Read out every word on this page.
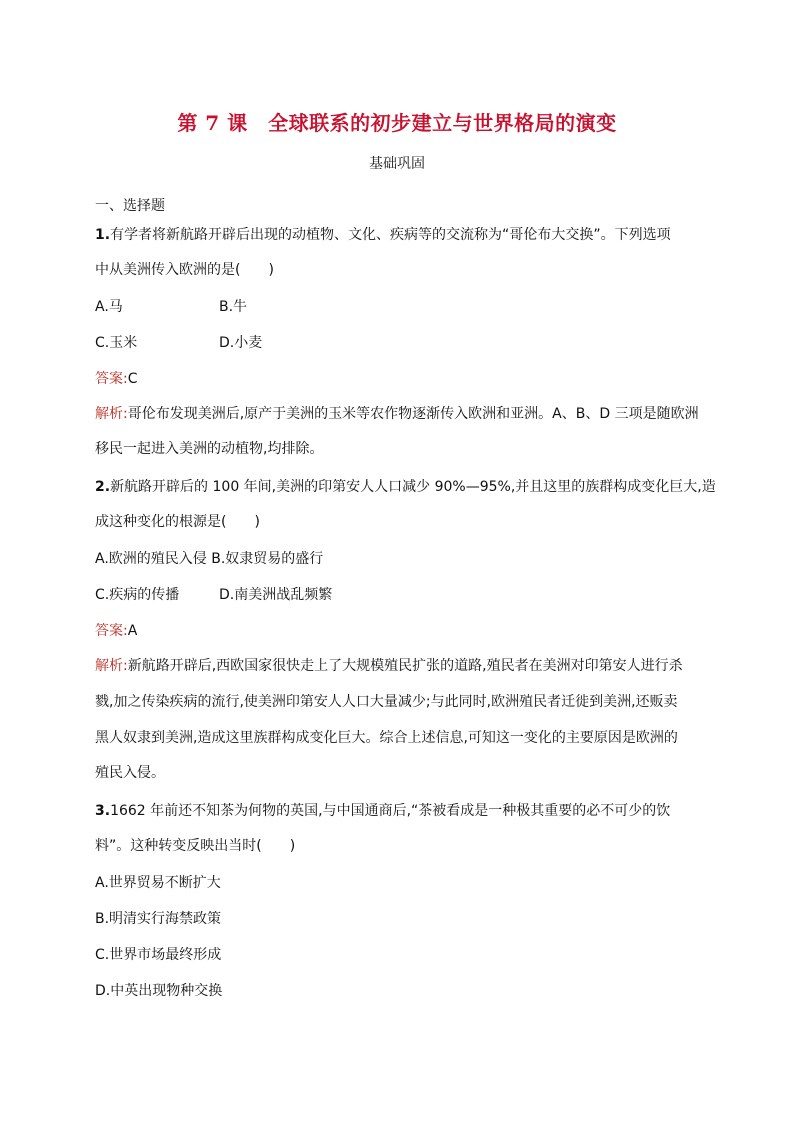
第 7 课　全球联系的初步建立与世界格局的演变
基础巩固
一、选择题
1.有学者将新航路开辟后出现的动植物、文化、疾病等的交流称为“哥伦布大交换”。下列选项
中从美洲传入欧洲的是(　　)
A.马	B.牛
C.玉米	D.小麦
答案:C
解析:哥伦布发现美洲后,原产于美洲的玉米等农作物逐渐传入欧洲和亚洲。A、B、D 三项是随欧洲
移民一起进入美洲的动植物,均排除。
2.新航路开辟后的 100 年间,美洲的印第安人人口减少 90%—95%,并且这里的族群构成变化巨大,造
成这种变化的根源是(　　)
A.欧洲的殖民入侵 B.奴隶贸易的盛行
C.疾病的传播	D.南美洲战乱频繁
答案:A
解析:新航路开辟后,西欧国家很快走上了大规模殖民扩张的道路,殖民者在美洲对印第安人进行杀
戮,加之传染疾病的流行,使美洲印第安人人口大量减少;与此同时,欧洲殖民者迁徙到美洲,还贩卖
黑人奴隶到美洲,造成这里族群构成变化巨大。综合上述信息,可知这一变化的主要原因是欧洲的
殖民入侵。
3.1662 年前还不知茶为何物的英国,与中国通商后,“茶被看成是一种极其重要的必不可少的饮
料”。这种转变反映出当时(　　)
A.世界贸易不断扩大
B.明清实行海禁政策
C.世界市场最终形成
D.中英出现物种交换
